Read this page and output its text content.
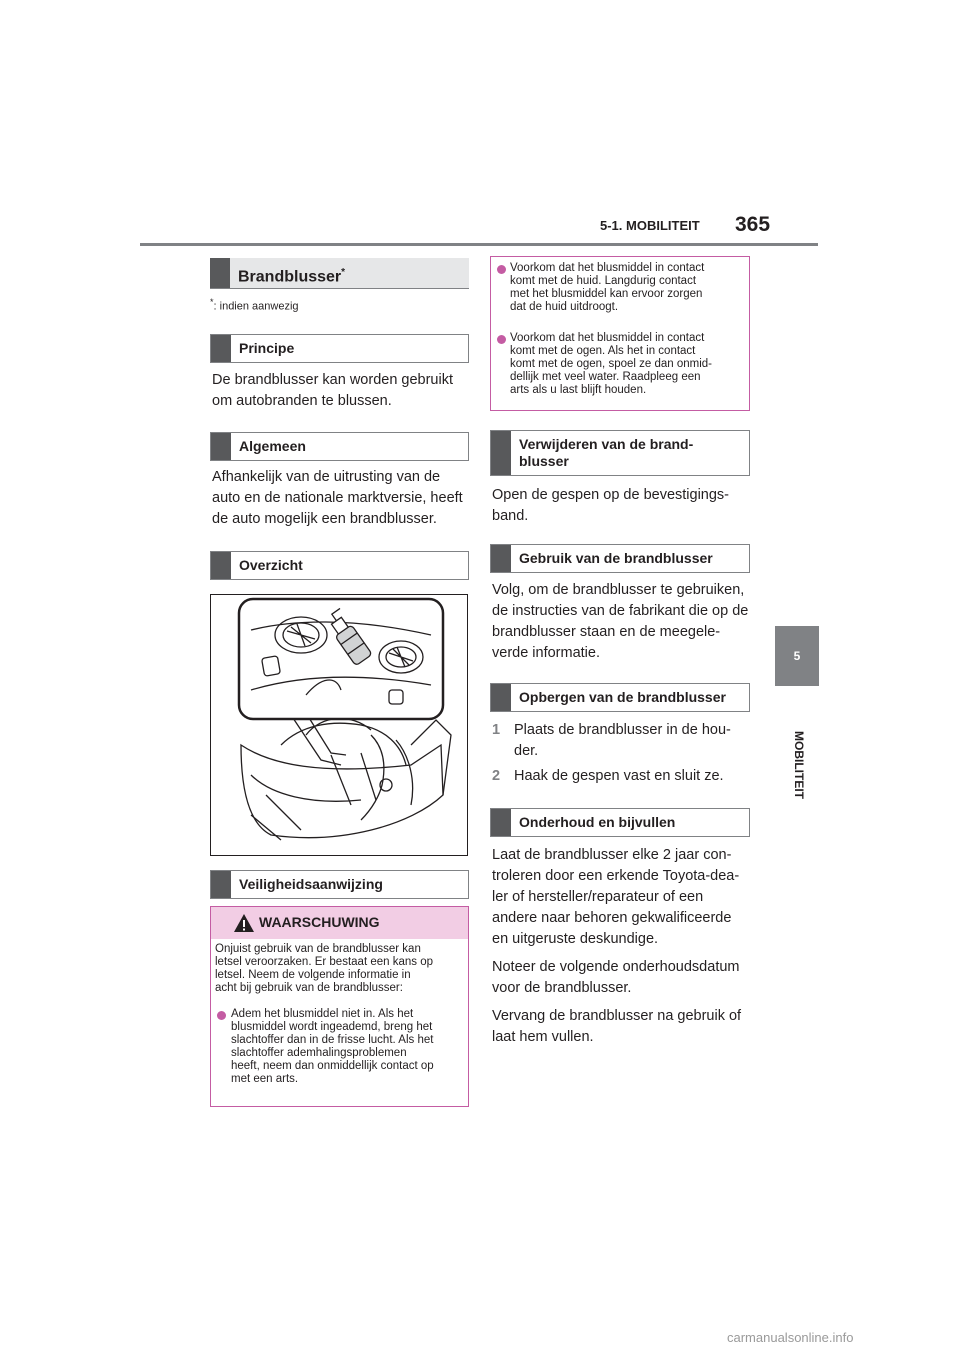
5-1. MOBILITEIT 365
5
MOBILITEIT
Brandblusser*
*: indien aanwezig
Principe
De brandblusser kan worden gebruikt
om autobranden te blussen.
Algemeen
Afhankelijk van de uitrusting van de
auto en de nationale marktversie, heeft
de auto mogelijk een brandblusser.
Overzicht
Veiligheidsaanwijzing
WAARSCHUWING
Onjuist gebruik van de brandblusser kan
letsel veroorzaken. Er bestaat een kans op
letsel. Neem de volgende informatie in
acht bij gebruik van de brandblusser:
Adem het blusmiddel niet in. Als het
blusmiddel wordt ingeademd, breng het
slachtoffer dan in de frisse lucht. Als het
slachtoffer ademhalingsproblemen
heeft, neem dan onmiddellijk contact op
met een arts.
Voorkom dat het blusmiddel in contact
komt met de huid. Langdurig contact
met het blusmiddel kan ervoor zorgen
dat de huid uitdroogt.
Voorkom dat het blusmiddel in contact
komt met de ogen. Als het in contact
komt met de ogen, spoel ze dan onmid-
dellijk met veel water. Raadpleeg een
arts als u last blijft houden.
Verwijderen van de brand-
blusser
Open de gespen op de bevestigings-
band.
Gebruik van de brandblusser
Volg, om de brandblusser te gebruiken,
de instructies van de fabrikant die op de
brandblusser staan en de meegele-
verde informatie.
Opbergen van de brandblusser
1 Plaats de brandblusser in de hou-
der.
2 Haak de gespen vast en sluit ze.
Onderhoud en bijvullen
Laat de brandblusser elke 2 jaar con-
troleren door een erkende Toyota-dea-
ler of hersteller/reparateur of een
andere naar behoren gekwalificeerde
en uitgeruste deskundige.
Noteer de volgende onderhoudsdatum
voor de brandblusser.
Vervang de brandblusser na gebruik of
laat hem vullen.
carmanualsonline.info
